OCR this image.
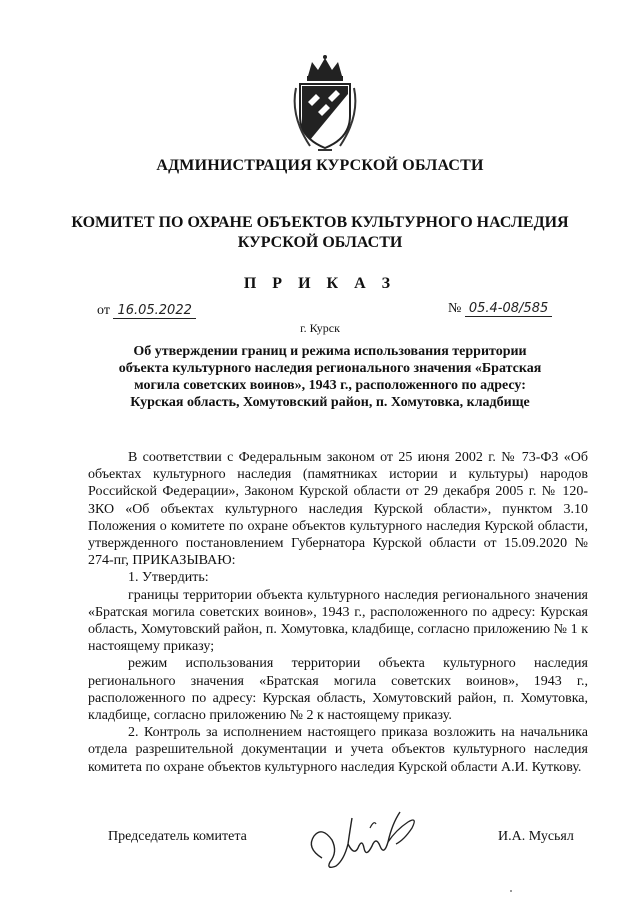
АДМИНИСТРАЦИЯ КУРСКОЙ ОБЛАСТИ
КОМИТЕТ ПО ОХРАНЕ ОБЪЕКТОВ КУЛЬТУРНОГО НАСЛЕДИЯ
КУРСКОЙ ОБЛАСТИ
П Р И К А З
от 16.05.2022	№ 05.4-08/585
г. Курск
Об утверждении границ и режима использования территории
объекта культурного наследия регионального значения «Братская
могила советских воинов», 1943 г., расположенного по адресу:
Курская область, Хомутовский район, п. Хомутовка, кладбище

В соответствии с Федеральным законом от 25 июня 2002 г. № 73-ФЗ «Об объектах культурного наследия (памятниках истории и культуры) народов Российской Федерации», Законом Курской области от 29 декабря 2005 г. № 120-ЗКО «Об объектах культурного наследия Курской области», пунктом 3.10 Положения о комитете по охране объектов культурного наследия Курской области, утвержденного постановлением Губернатора Курской области от 15.09.2020 № 274-пг, ПРИКАЗЫВАЮ:

1. Утвердить:

границы территории объекта культурного наследия регионального значения «Братская могила советских воинов», 1943 г., расположенного по адресу: Курская область, Хомутовский район, п. Хомутовка, кладбище, согласно приложению № 1 к настоящему приказу;

режим использования территории объекта культурного наследия регионального значения «Братская могила советских воинов», 1943 г., расположенного по адресу: Курская область, Хомутовский район, п. Хомутовка, кладбище, согласно приложению № 2 к настоящему приказу.

2. Контроль за исполнением настоящего приказа возложить на начальника отдела разрешительной документации и учета объектов культурного наследия комитета по охране объектов культурного наследия Курской области А.И. Куткову.

Председатель комитета	И.А. Мусьял
